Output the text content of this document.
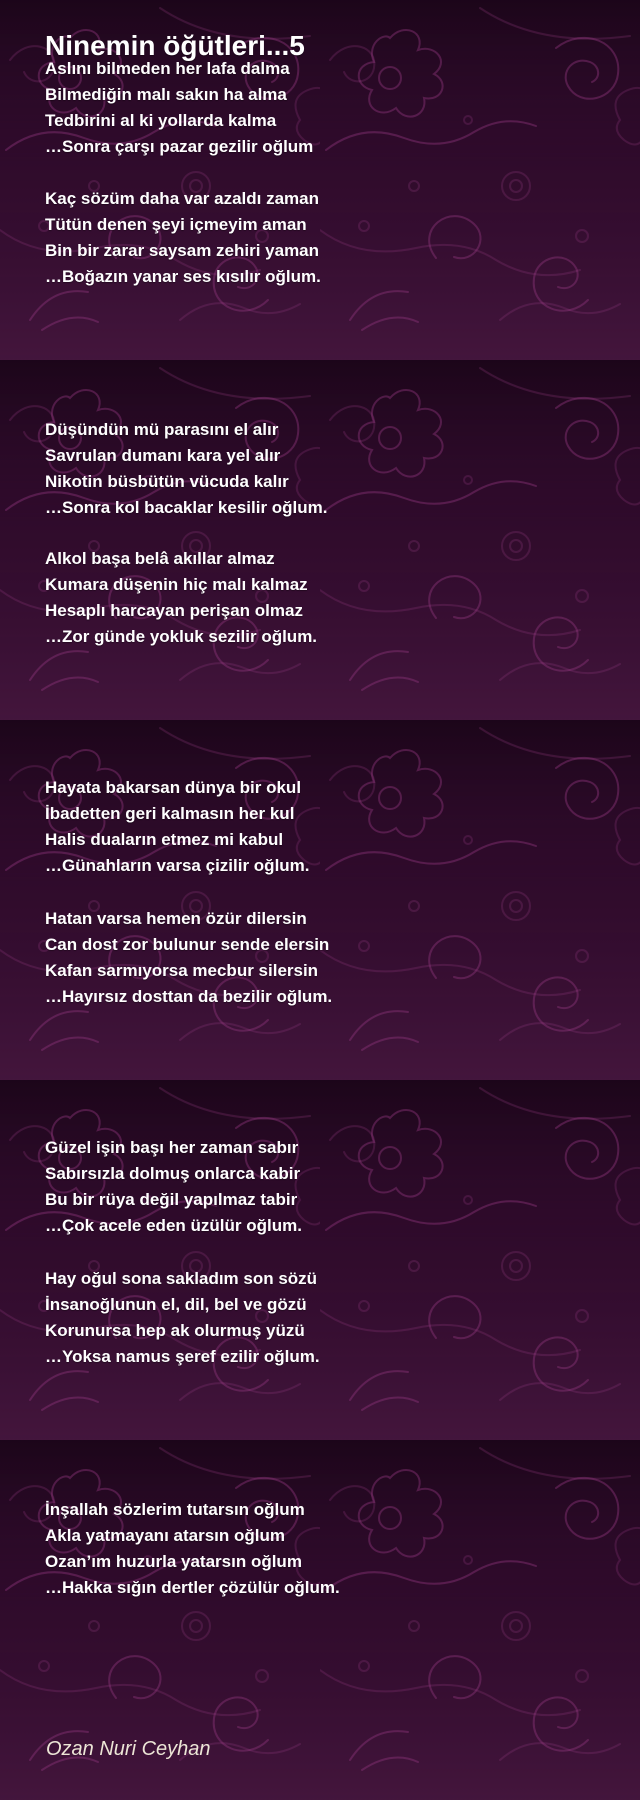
Ninemin öğütleri...5
Aslını bilmeden her lafa dalma
Bilmediğin malı sakın ha alma
Tedbirini al ki yollarda kalma
…Sonra çarşı pazar gezilir oğlum
Kaç sözüm daha var azaldı zaman
Tütün denen şeyi içmeyim aman
Bin bir zarar saysam zehiri yaman
…Boğazın yanar ses kısılır oğlum.
Düşündün mü parasını el alır
Savrulan dumanı kara yel alır
Nikotin büsbütün vücuda kalır
…Sonra kol bacaklar kesilir oğlum.
Alkol başa belâ akıllar almaz
Kumara düşenin hiç malı kalmaz
Hesaplı harcayan perişan olmaz
…Zor günde yokluk sezilir oğlum.
Hayata bakarsan dünya bir okul
İbadetten geri kalmasın her kul
Halis duaların etmez mi kabul
…Günahların varsa çizilir oğlum.
Hatan varsa hemen özür dilersin
Can dost zor bulunur sende elersin
Kafan sarmıyorsa mecbur silersin
…Hayırsız dosttan da bezilir oğlum.
Güzel işin başı her zaman sabır
Sabırsızla dolmuş onlarca kabir
Bu bir rüya değil yapılmaz tabir
…Çok acele eden üzülür oğlum.
Hay oğul sona sakladım son sözü
İnsanoğlunun el, dil, bel ve gözü
Korunursa hep ak olurmuş yüzü
…Yoksa namus şeref ezilir oğlum.
İnşallah sözlerim tutarsın oğlum
Akla yatmayanı atarsın oğlum
Ozan’ım huzurla yatarsın oğlum
…Hakka sığın dertler çözülür oğlum.
Ozan Nuri Ceyhan
